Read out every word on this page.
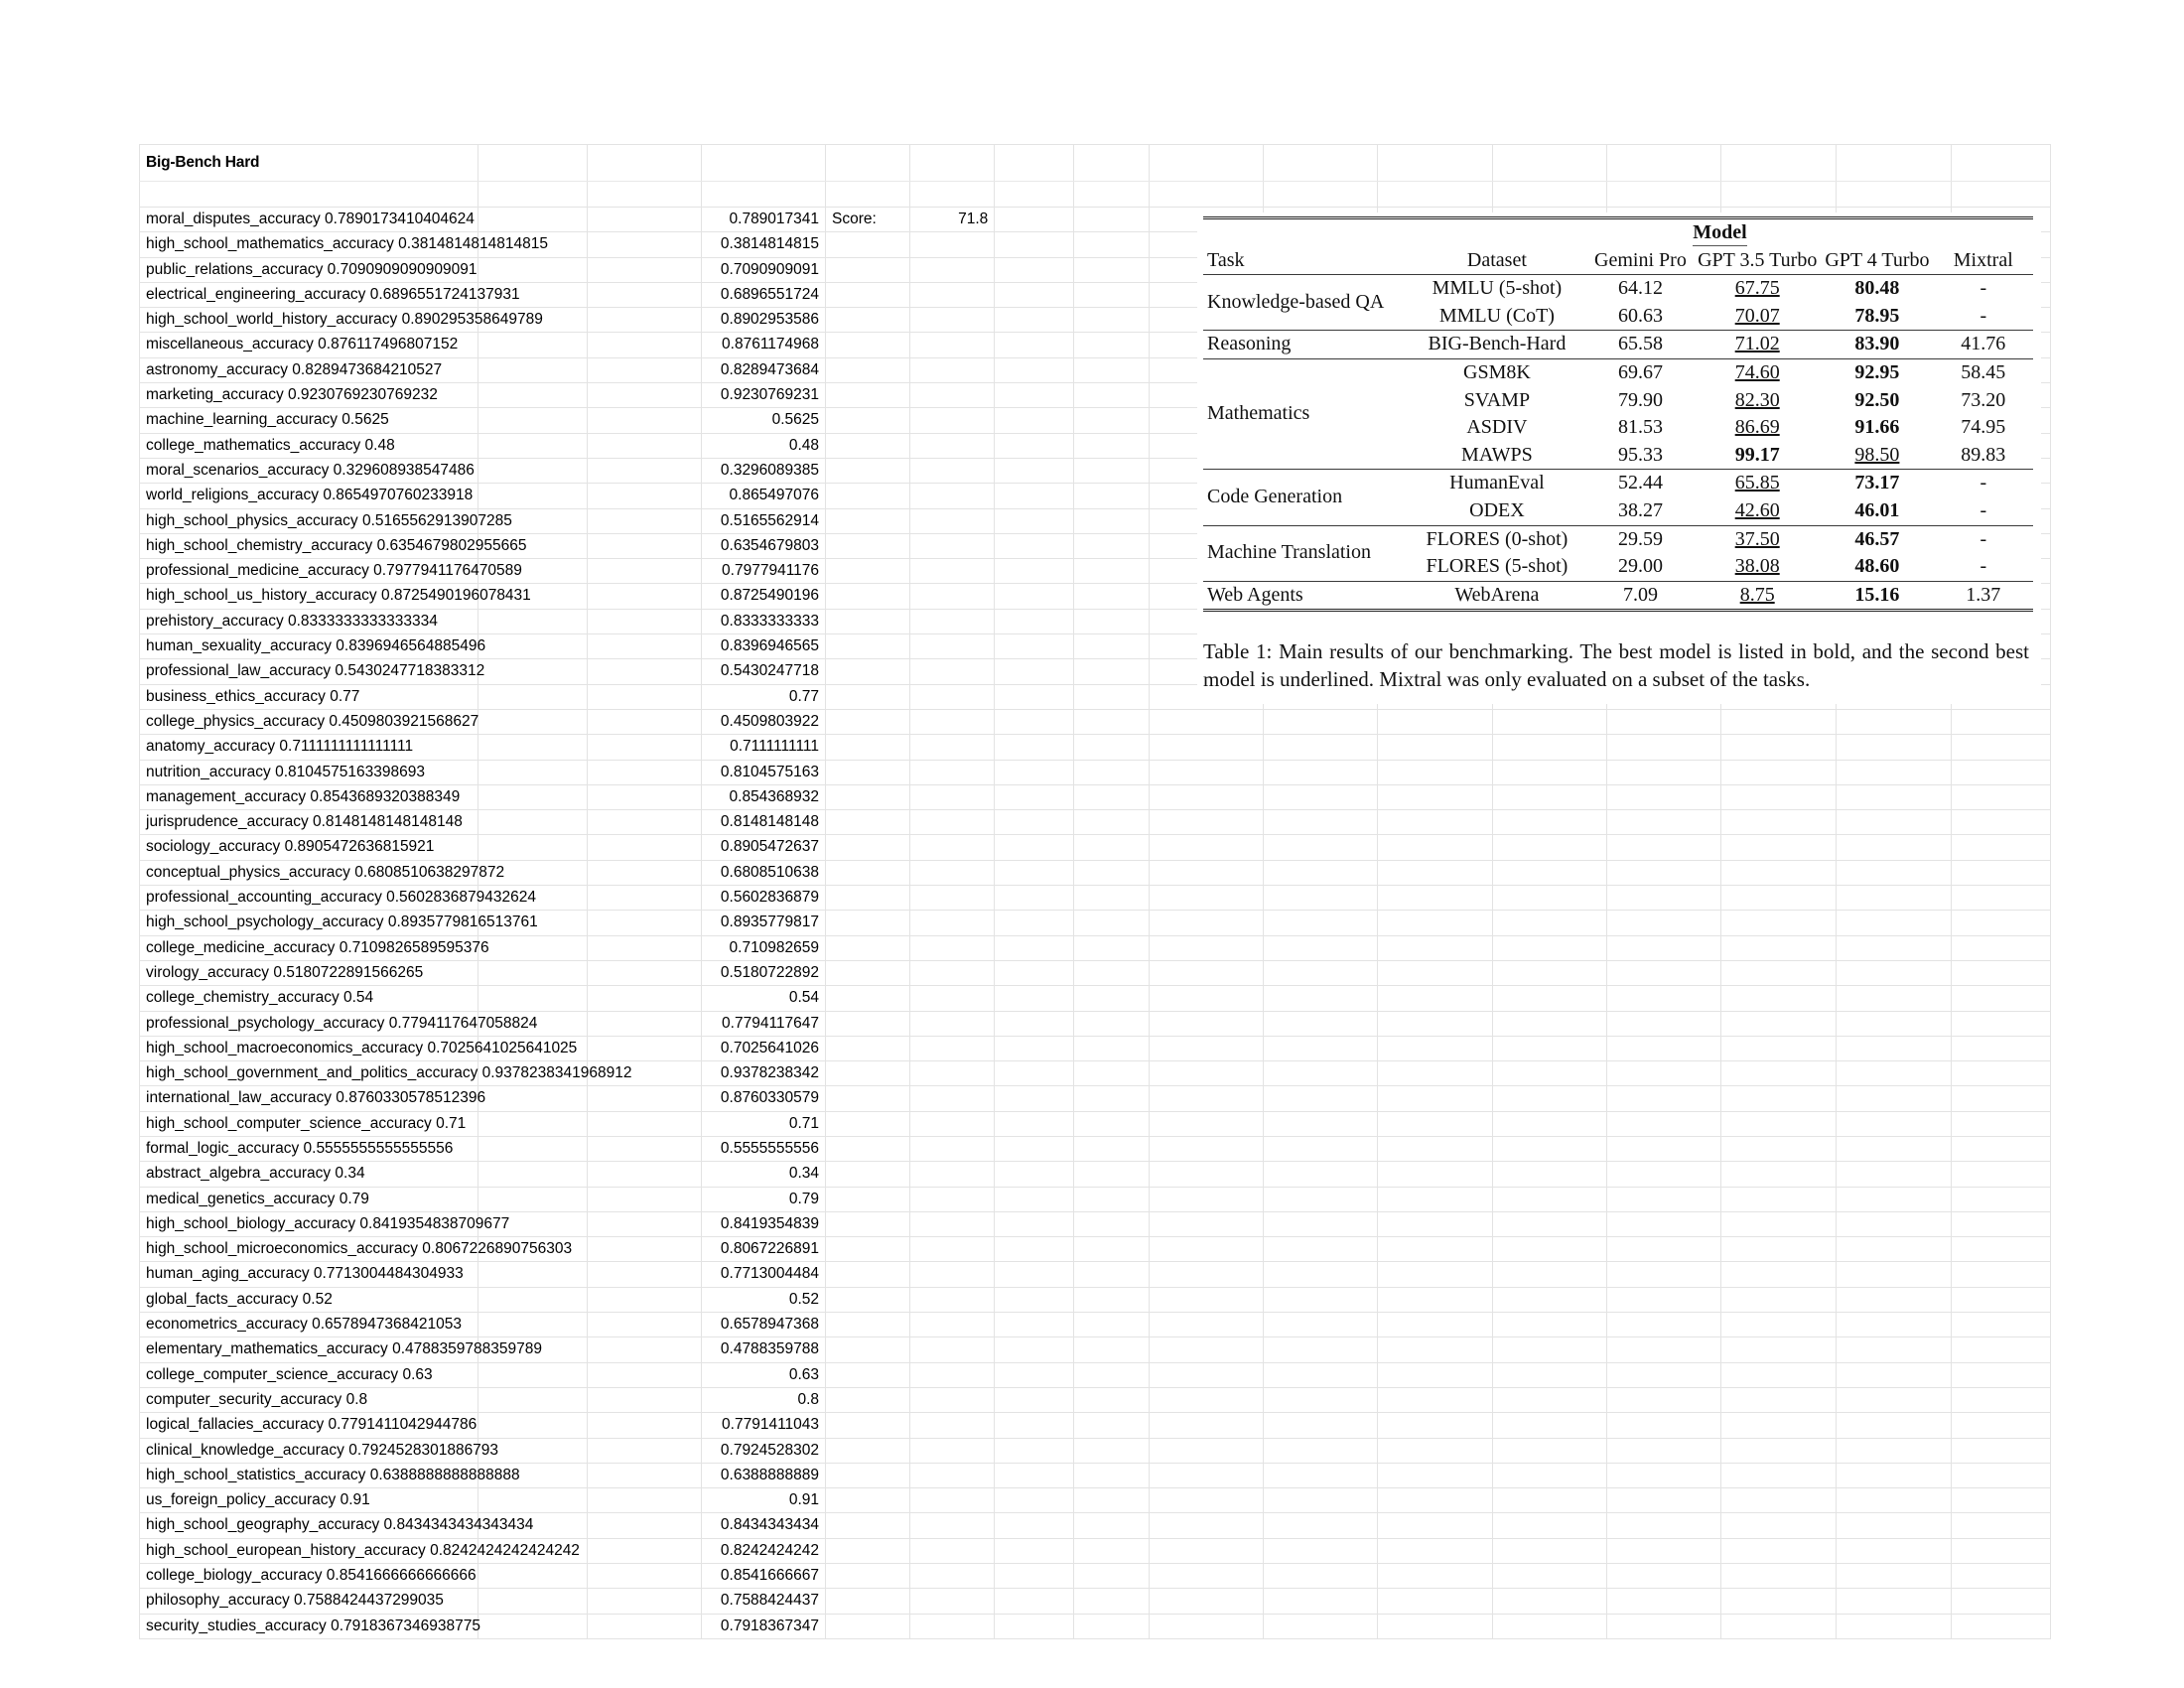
Big-Bench Hard															

moral_disputes_accuracy 0.7890173410404624			0.789017341	Score:	71.8										

high_school_mathematics_accuracy 0.3814814814814815			0.3814814815												

public_relations_accuracy 0.7090909090909091			0.7090909091												

electrical_engineering_accuracy 0.6896551724137931			0.6896551724												

high_school_world_history_accuracy 0.890295358649789			0.8902953586												

miscellaneous_accuracy 0.876117496807152			0.8761174968												

astronomy_accuracy 0.8289473684210527			0.8289473684												

marketing_accuracy 0.9230769230769232			0.9230769231												

machine_learning_accuracy 0.5625			0.5625												

college_mathematics_accuracy 0.48			0.48												

moral_scenarios_accuracy 0.329608938547486			0.3296089385												

world_religions_accuracy 0.8654970760233918			0.865497076												

high_school_physics_accuracy 0.5165562913907285			0.5165562914												

high_school_chemistry_accuracy 0.6354679802955665			0.6354679803												

professional_medicine_accuracy 0.7977941176470589			0.7977941176												

high_school_us_history_accuracy 0.8725490196078431			0.8725490196												

prehistory_accuracy 0.8333333333333334			0.8333333333												

human_sexuality_accuracy 0.8396946564885496			0.8396946565												

professional_law_accuracy 0.5430247718383312			0.5430247718												

business_ethics_accuracy 0.77			0.77												

college_physics_accuracy 0.4509803921568627			0.4509803922												

anatomy_accuracy 0.7111111111111111			0.7111111111												

nutrition_accuracy 0.8104575163398693			0.8104575163												

management_accuracy 0.8543689320388349			0.854368932												

jurisprudence_accuracy 0.8148148148148148			0.8148148148												

sociology_accuracy 0.8905472636815921			0.8905472637												

conceptual_physics_accuracy 0.6808510638297872			0.6808510638												

professional_accounting_accuracy 0.5602836879432624			0.5602836879												

high_school_psychology_accuracy 0.8935779816513761			0.8935779817												

college_medicine_accuracy 0.7109826589595376			0.710982659												

virology_accuracy 0.5180722891566265			0.5180722892												

college_chemistry_accuracy 0.54			0.54												

professional_psychology_accuracy 0.7794117647058824			0.7794117647												

high_school_macroeconomics_accuracy 0.7025641025641025			0.7025641026												

high_school_government_and_politics_accuracy 0.9378238341968912			0.9378238342												

international_law_accuracy 0.8760330578512396			0.8760330579												

high_school_computer_science_accuracy 0.71			0.71												

formal_logic_accuracy 0.5555555555555556			0.5555555556												

abstract_algebra_accuracy 0.34			0.34												

medical_genetics_accuracy 0.79			0.79												

high_school_biology_accuracy 0.8419354838709677			0.8419354839												

high_school_microeconomics_accuracy 0.8067226890756303			0.8067226891												

human_aging_accuracy 0.7713004484304933			0.7713004484												

global_facts_accuracy 0.52			0.52												

econometrics_accuracy 0.6578947368421053			0.6578947368												

elementary_mathematics_accuracy 0.4788359788359789			0.4788359788												

college_computer_science_accuracy 0.63			0.63												

computer_security_accuracy 0.8			0.8												

logical_fallacies_accuracy 0.7791411042944786			0.7791411043												

clinical_knowledge_accuracy 0.7924528301886793			0.7924528302												

high_school_statistics_accuracy 0.6388888888888888			0.6388888889												

us_foreign_policy_accuracy 0.91			0.91												

high_school_geography_accuracy 0.8434343434343434			0.8434343434												

high_school_european_history_accuracy 0.8242424242424242			0.8242424242												

college_biology_accuracy 0.8541666666666666			0.8541666667												

philosophy_accuracy 0.7588424437299035			0.7588424437												

security_studies_accuracy 0.7918367346938775			0.7918367347												
	Model				
Task	Dataset	Gemini Pro	GPT 3.5 Turbo	GPT 4 Turbo	Mixtral
Knowledge-based QA	MMLU (5-shot)	64.12	67.75	80.48	-
	MMLU (CoT)	60.63	70.07	78.95	-
Reasoning	BIG-Bench-Hard	65.58	71.02	83.90	41.76
Mathematics	GSM8K	69.67	74.60	92.95	58.45
	SVAMP	79.90	82.30	92.50	73.20
	ASDIV	81.53	86.69	91.66	74.95
	MAWPS	95.33	99.17	98.50	89.83
Code Generation	HumanEval	52.44	65.85	73.17	-
	ODEX	38.27	42.60	46.01	-
Machine Translation	FLORES (0-shot)	29.59	37.50	46.57	-
	FLORES (5-shot)	29.00	38.08	48.60	-
Web Agents	WebArena	7.09	8.75	15.16	1.37
Table 1: Main results of our benchmarking. The best model is listed in bold, and the second best model is underlined. Mixtral was only evaluated on a subset of the tasks.
